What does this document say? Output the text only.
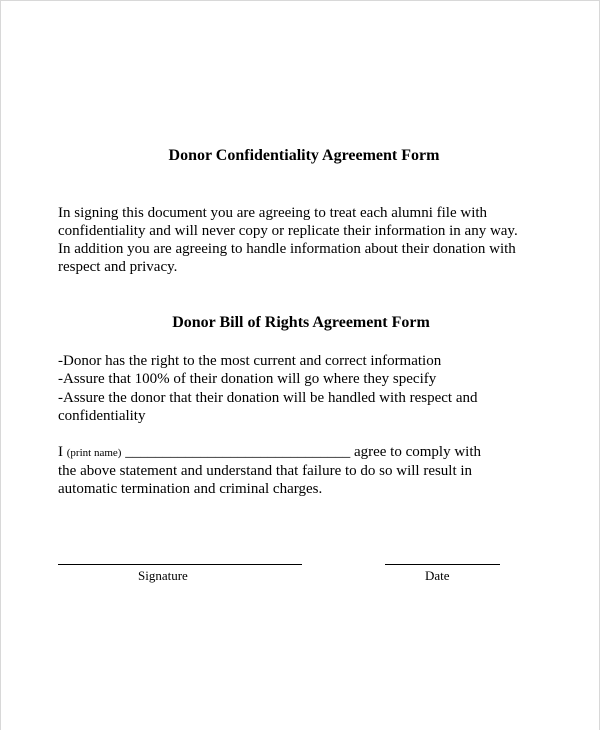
Donor Confidentiality Agreement Form
In signing this document you are agreeing to treat each alumni file with
confidentiality and will never copy or replicate their information in any way.
In addition you are agreeing to handle information about their donation with
respect and privacy.
Donor Bill of Rights Agreement Form
-Donor has the right to the most current and correct information
-Assure that 100% of their donation will go where they specify
-Assure the donor that their donation will be handled with respect and
confidentiality
I (print name) ______________________________ agree to comply with
the above statement and understand that failure to do so will result in
automatic termination and criminal charges.
Signature	Date
